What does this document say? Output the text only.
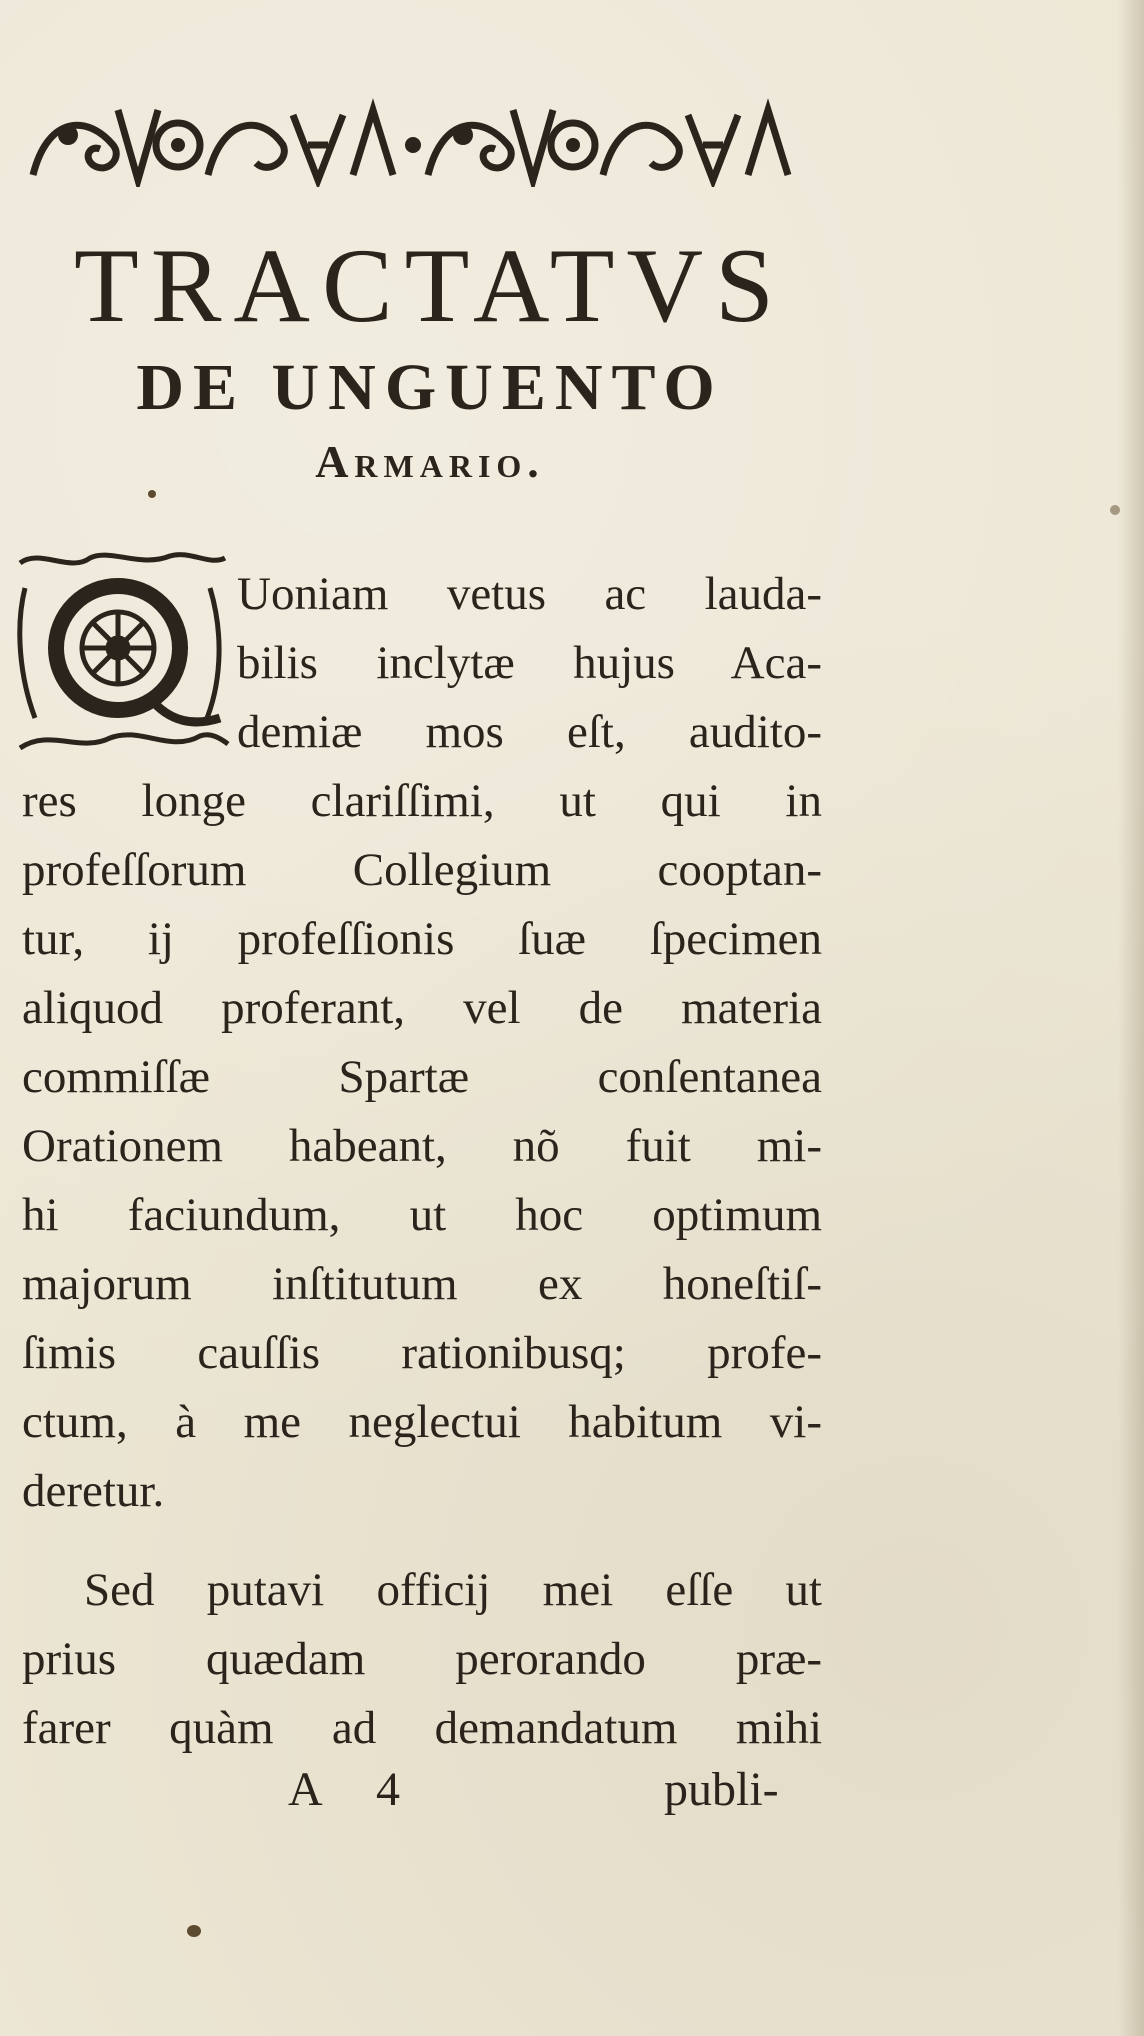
TRACTATVS
DE UNGUENTO
Armario.
Uoniam vetus ac lauda-
bilis inclytæ hujus Aca-
demiæ mos eſt, audito-
res longe clariſſimi, ut qui in
profeſſorum Collegium cooptan-
tur, ij profeſſionis ſuæ ſpecimen
aliquod proferant, vel de materia
commiſſæ Spartæ conſentanea
Orationem habeant, nõ fuit mi-
hi faciundum, ut hoc optimum
majorum inſtitutum ex honeſtiſ-
ſimis cauſſis rationibusq; profe-
ctum, à me neglectui habitum vi-
deretur.
Sed putavi officij mei eſſe ut
prius quædam perorando præ-
farer quàm ad demandatum mihi
A 4	publi-
